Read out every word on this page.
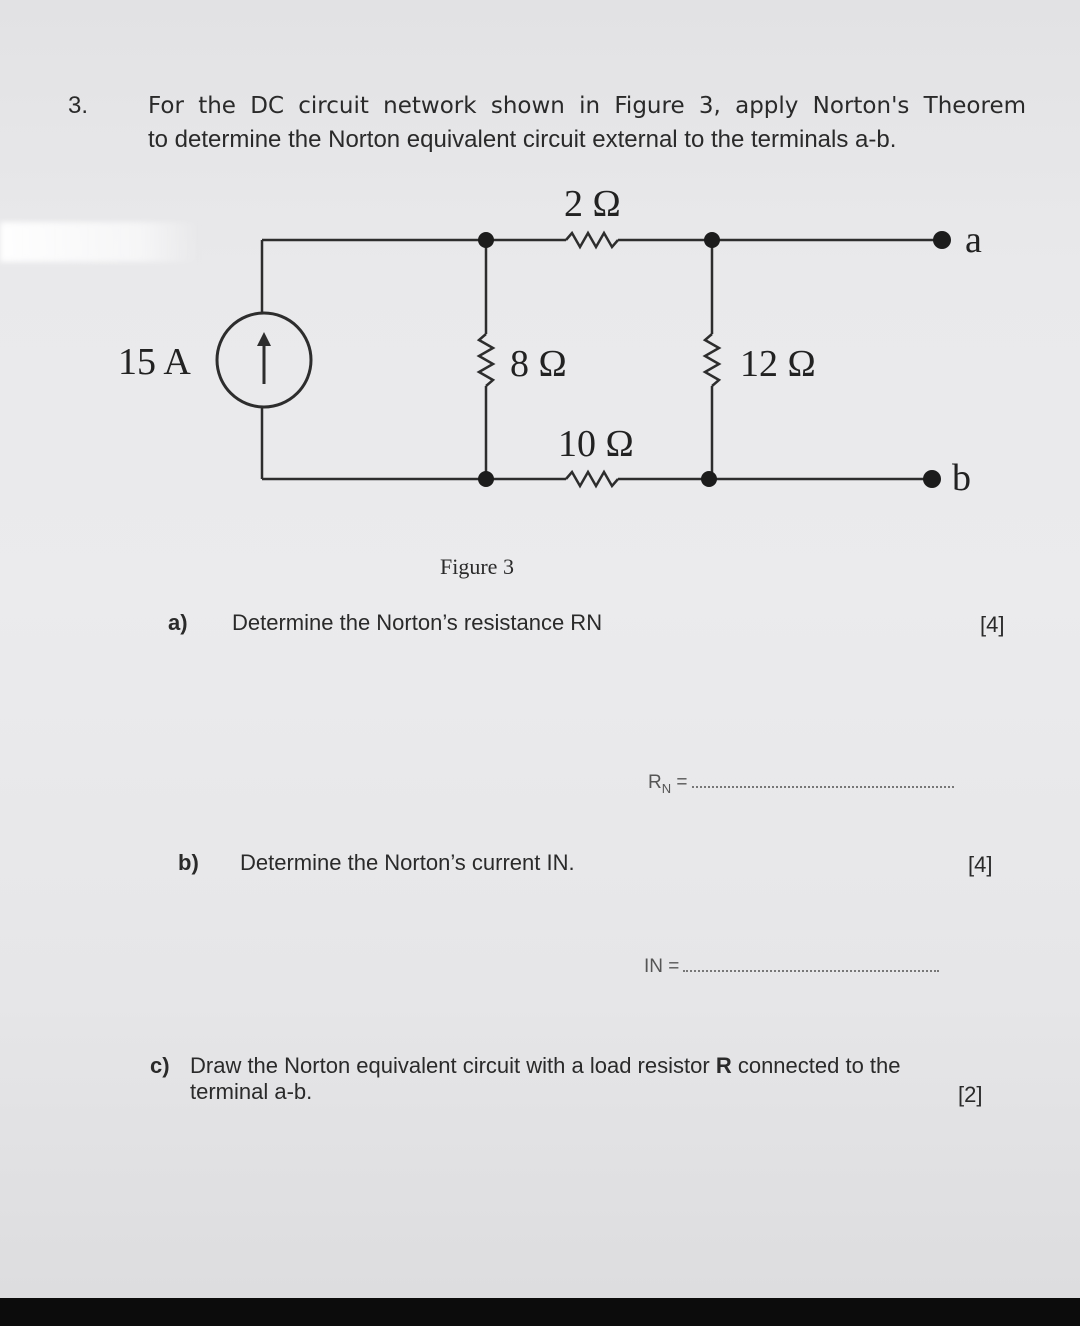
3.	For the DC circuit network shown in Figure 3, apply Norton's Theorem
to determine the Norton equivalent circuit external to the terminals a-b.
2 Ω
15 A	8 Ω	12 Ω
10 Ω
a
b
Figure 3
a) Determine the Norton’s resistance RN	[4]
$R_N$ =
b) Determine the Norton’s current IN.	[4]
IN =
c) Draw the Norton equivalent circuit with a load resistor R connected to the
terminal a-b.	[2]
